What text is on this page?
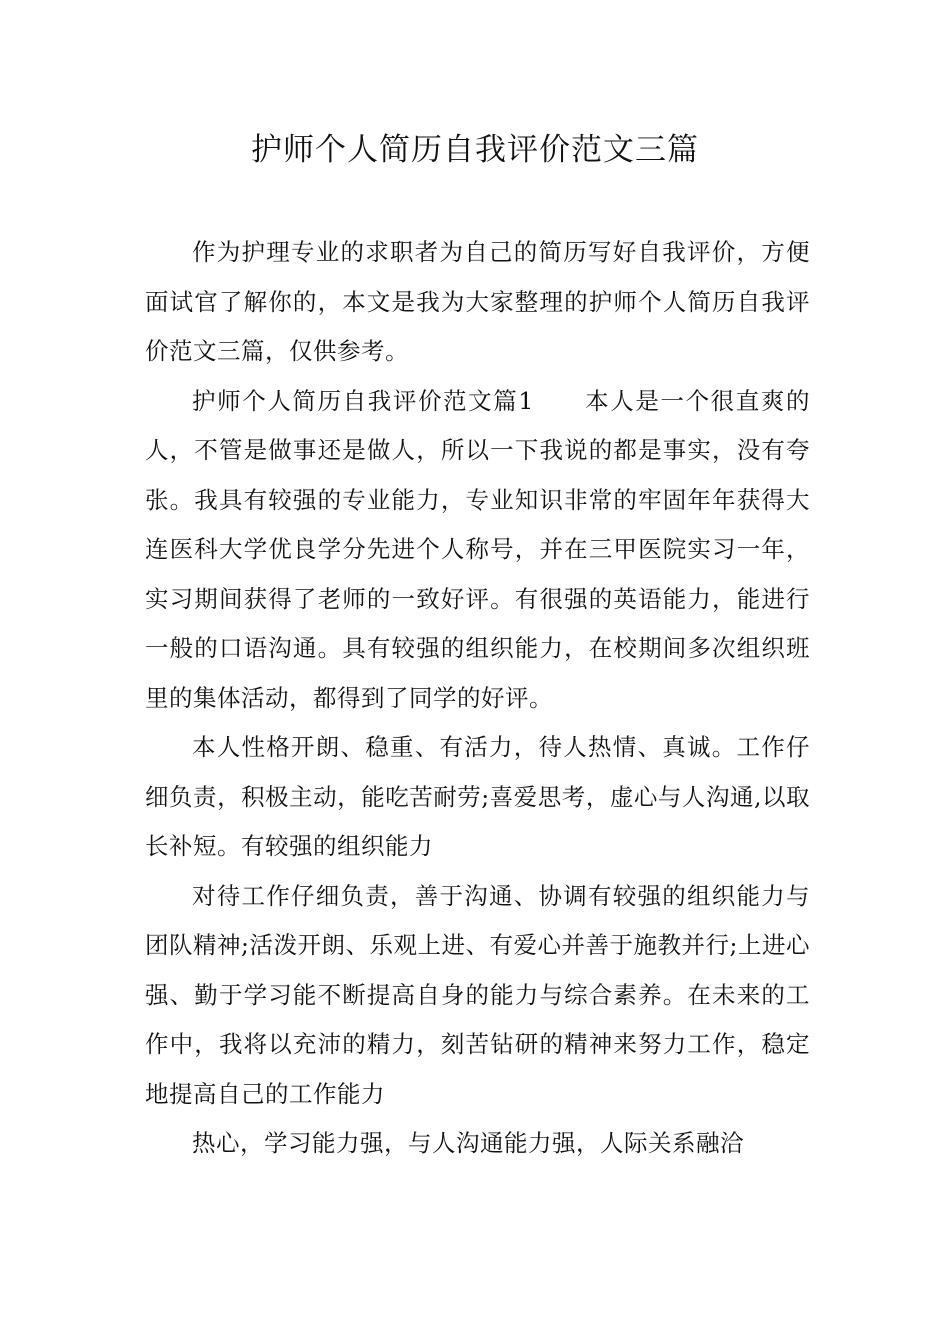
护师个人简历自我评价范文三篇

作为护理专业的求职者为自己的简历写好自我评价，方便面试官了解你的，本文是我为大家整理的护师个人简历自我评价范文三篇，仅供参考。

护师个人简历自我评价范文篇1　　本人是一个很直爽的人，不管是做事还是做人，所以一下我说的都是事实，没有夸张。我具有较强的专业能力，专业知识非常的牢固年年获得大连医科大学优良学分先进个人称号，并在三甲医院实习一年，实习期间获得了老师的一致好评。有很强的英语能力，能进行一般的口语沟通。具有较强的组织能力，在校期间多次组织班里的集体活动，都得到了同学的好评。

本人性格开朗、稳重、有活力，待人热情、真诚。工作仔细负责，积极主动，能吃苦耐劳;喜爱思考，虚心与人沟通,以取长补短。有较强的组织能力

对待工作仔细负责，善于沟通、协调有较强的组织能力与团队精神;活泼开朗、乐观上进、有爱心并善于施教并行;上进心强、勤于学习能不断提高自身的能力与综合素养。在未来的工作中，我将以充沛的精力，刻苦钻研的精神来努力工作，稳定地提高自己的工作能力

热心，学习能力强，与人沟通能力强，人际关系融洽
